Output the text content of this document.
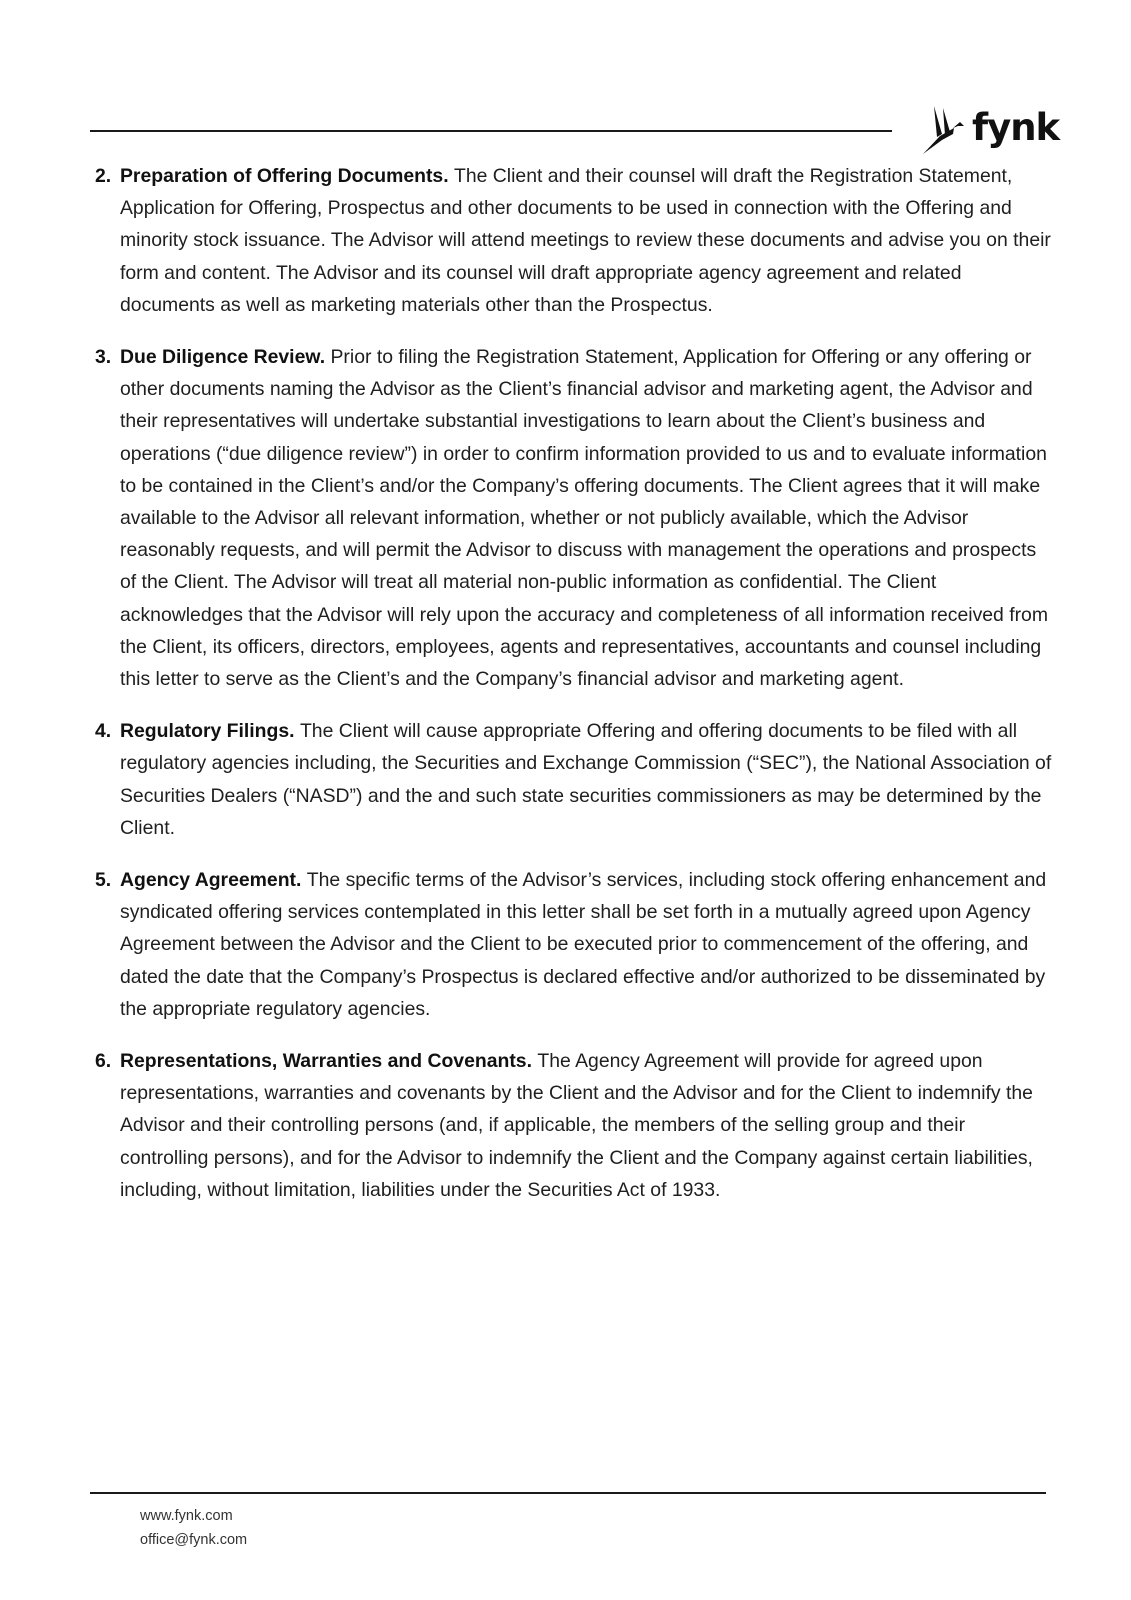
fynk
2. Preparation of Offering Documents. The Client and their counsel will draft the Registration Statement, Application for Offering, Prospectus and other documents to be used in connection with the Offering and minority stock issuance. The Advisor will attend meetings to review these documents and advise you on their form and content. The Advisor and its counsel will draft appropriate agency agreement and related documents as well as marketing materials other than the Prospectus.
3. Due Diligence Review. Prior to filing the Registration Statement, Application for Offering or any offering or other documents naming the Advisor as the Client’s financial advisor and marketing agent, the Advisor and their representatives will undertake substantial investigations to learn about the Client’s business and operations (“due diligence review”) in order to confirm information provided to us and to evaluate information to be contained in the Client’s and/or the Company’s offering documents. The Client agrees that it will make available to the Advisor all relevant information, whether or not publicly available, which the Advisor reasonably requests, and will permit the Advisor to discuss with management the operations and prospects of the Client. The Advisor will treat all material non-public information as confidential. The Client acknowledges that the Advisor will rely upon the accuracy and completeness of all information received from the Client, its officers, directors, employees, agents and representatives, accountants and counsel including this letter to serve as the Client’s and the Company’s financial advisor and marketing agent.
4. Regulatory Filings. The Client will cause appropriate Offering and offering documents to be filed with all regulatory agencies including, the Securities and Exchange Commission (“SEC”), the National Association of Securities Dealers (“NASD”) and the and such state securities commissioners as may be determined by the Client.
5. Agency Agreement. The specific terms of the Advisor’s services, including stock offering enhancement and syndicated offering services contemplated in this letter shall be set forth in a mutually agreed upon Agency Agreement between the Advisor and the Client to be executed prior to commencement of the offering, and dated the date that the Company’s Prospectus is declared effective and/or authorized to be disseminated by the appropriate regulatory agencies.
6. Representations, Warranties and Covenants. The Agency Agreement will provide for agreed upon representations, warranties and covenants by the Client and the Advisor and for the Client to indemnify the Advisor and their controlling persons (and, if applicable, the members of the selling group and their controlling persons), and for the Advisor to indemnify the Client and the Company against certain liabilities, including, without limitation, liabilities under the Securities Act of 1933.
www.fynk.com
office@fynk.com
